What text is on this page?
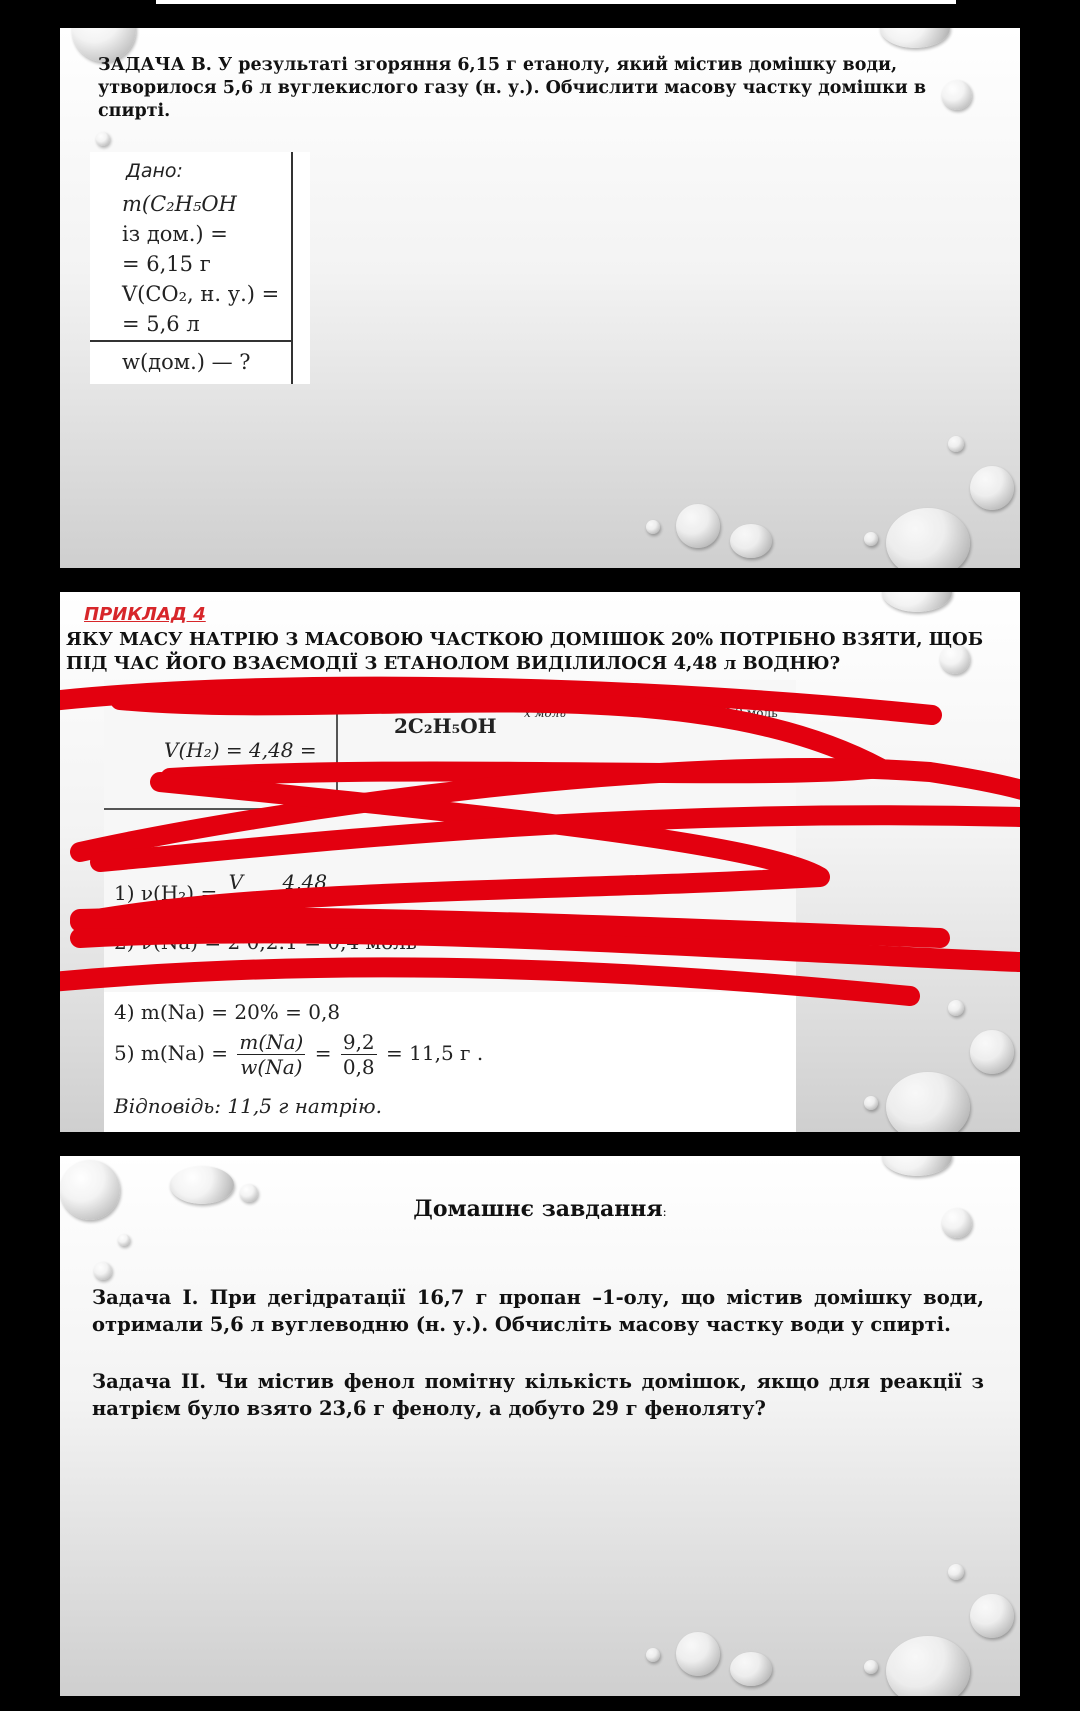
ЗАДАЧА В. У результаті згоряння 6,15 г етанолу, який містив домішку води, утворилося 5,6 л вуглекислого газу (н. у.). Обчислити масову частку домішки в спирті.
Дано:
m(C₂H₅OH
із дом.) =
= 6,15 г
V(CO₂, н. у.) =
= 5,6 л
w(дом.) — ?
ПРИКЛАД 4
ЯКУ МАСУ НАТРІЮ З МАСОВОЮ ЧАСТКОЮ ДОМІШОК 20% ПОТРІБНО ВЗЯТИ, ЩОБ ПІД ЧАС ЙОГО ВЗАЄМОДІЇ З ЕТАНОЛОМ ВИДІЛИЛОСЯ 4,48 л ВОДНЮ?
V(H₂) = 4,48 =
2C₂H₅OH
x моль	0,2 моль
1) ν(H₂) = V = 4,48 = 0,2 моль
2) ν(Na) = 2·0,2:1 = 0,4 моль
4) m(Na) = 20% = 0,8
5) $m(Na) = \frac{m(Na)}{w(Na)} = \frac{9,2}{0,8} = 11,5$ г .
Відповідь: 11,5 г натрію.
Домашнє завдання:
Задача І. При дегідратації 16,7 г пропан –1-олу, що містив домішку води, отримали 5,6 л вуглеводню (н. у.). Обчисліть масову частку води у спирті.
Задача ІІ. Чи містив фенол помітну кількість домішок, якщо для реакції з натрієм було взято 23,6 г фенолу, а добуто 29 г феноляту?
